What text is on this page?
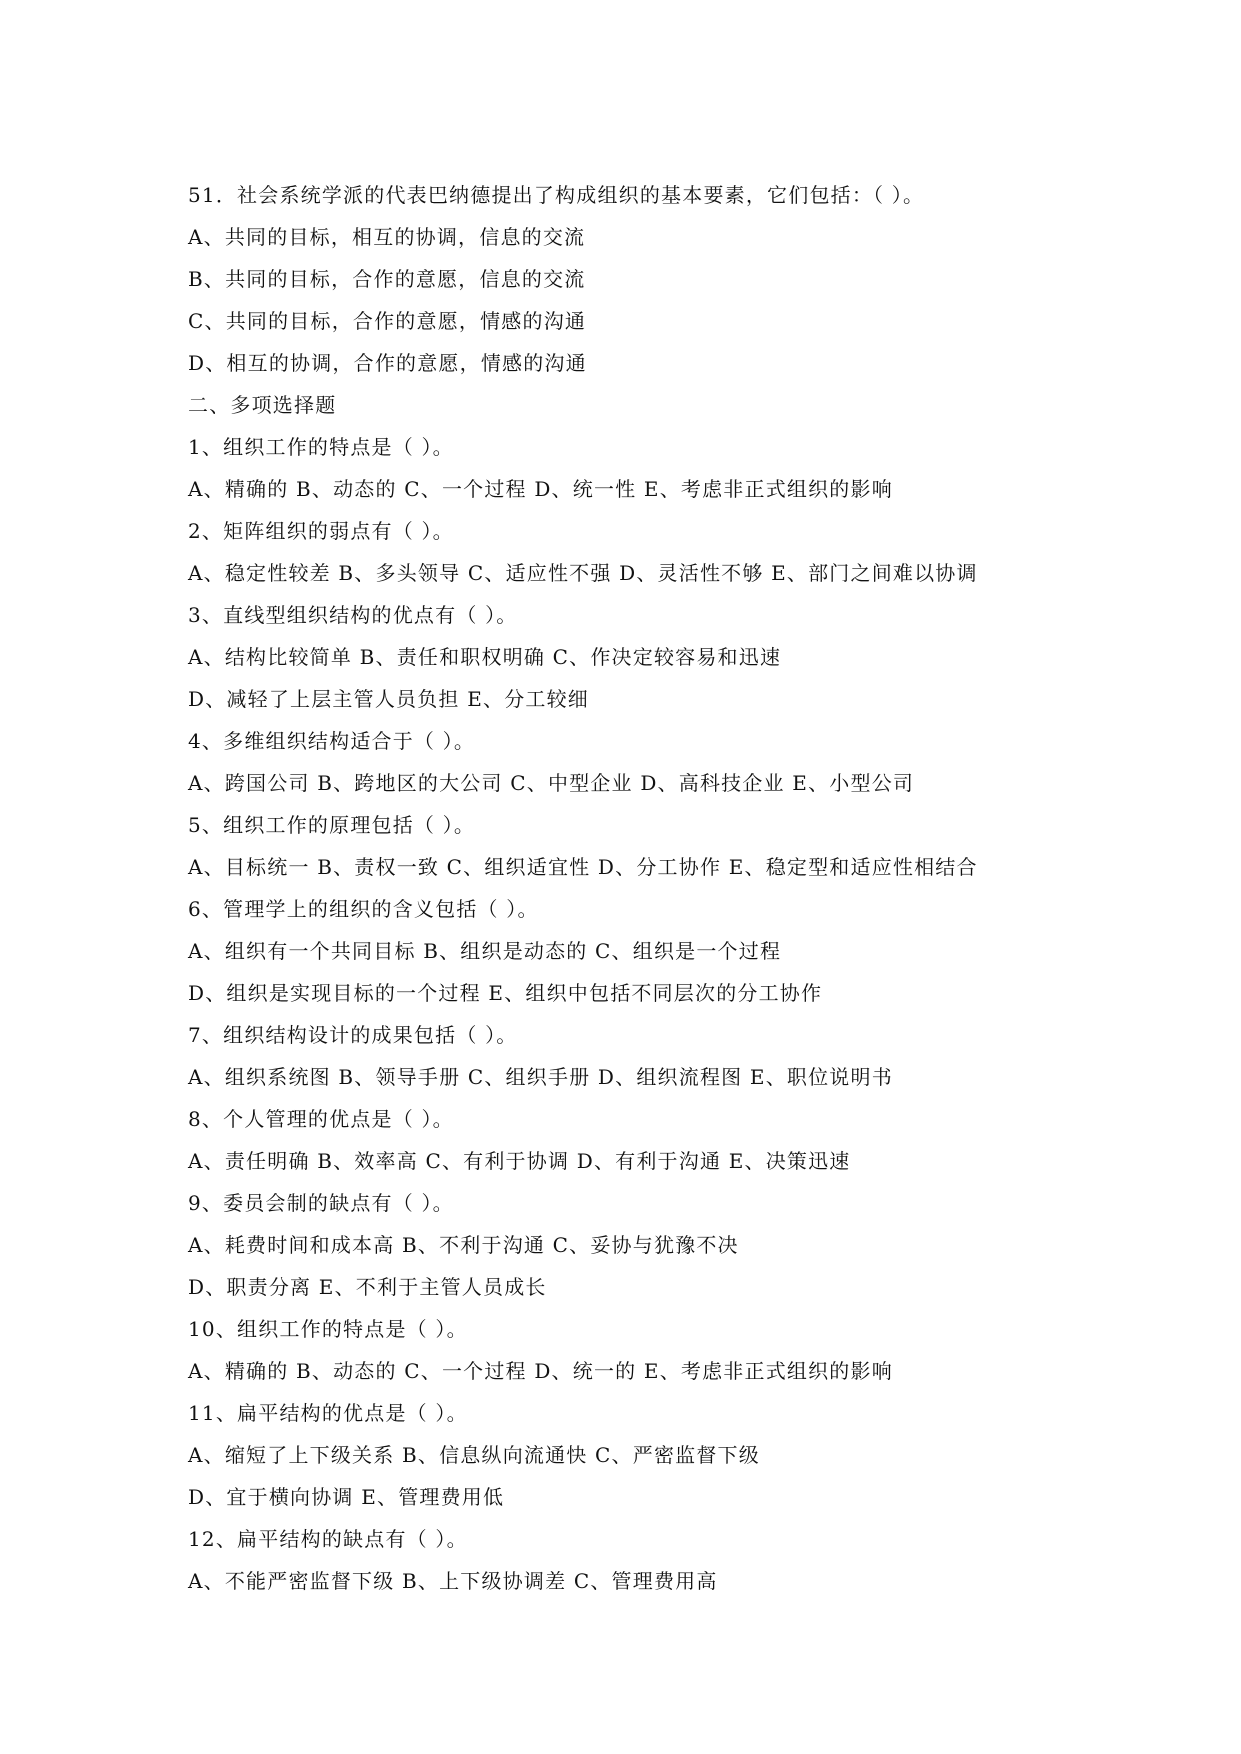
51．社会系统学派的代表巴纳德提出了构成组织的基本要素，它们包括：（ ）。
A、共同的目标，相互的协调，信息的交流
B、共同的目标，合作的意愿，信息的交流
C、共同的目标，合作的意愿，情感的沟通
D、相互的协调，合作的意愿，情感的沟通
二、多项选择题
1、组织工作的特点是（ ）。
A、精确的 B、动态的 C、一个过程 D、统一性 E、考虑非正式组织的影响
2、矩阵组织的弱点有（ ）。
A、稳定性较差 B、多头领导 C、适应性不强 D、灵活性不够 E、部门之间难以协调
3、直线型组织结构的优点有（ ）。
A、结构比较简单 B、责任和职权明确 C、作决定较容易和迅速
D、减轻了上层主管人员负担 E、分工较细
4、多维组织结构适合于（ ）。
A、跨国公司 B、跨地区的大公司 C、中型企业 D、高科技企业 E、小型公司
5、组织工作的原理包括（ ）。
A、目标统一 B、责权一致 C、组织适宜性 D、分工协作 E、稳定型和适应性相结合
6、管理学上的组织的含义包括（ ）。
A、组织有一个共同目标 B、组织是动态的 C、组织是一个过程
D、组织是实现目标的一个过程 E、组织中包括不同层次的分工协作
7、组织结构设计的成果包括（ ）。
A、组织系统图 B、领导手册 C、组织手册 D、组织流程图 E、职位说明书
8、个人管理的优点是（ ）。
A、责任明确 B、效率高 C、有利于协调 D、有利于沟通 E、决策迅速
9、委员会制的缺点有（ ）。
A、耗费时间和成本高 B、不利于沟通 C、妥协与犹豫不决
D、职责分离 E、不利于主管人员成长
10、组织工作的特点是（ ）。
A、精确的 B、动态的 C、一个过程 D、统一的 E、考虑非正式组织的影响
11、扁平结构的优点是（ ）。
A、缩短了上下级关系 B、信息纵向流通快 C、严密监督下级
D、宜于横向协调 E、管理费用低
12、扁平结构的缺点有（ ）。
A、不能严密监督下级 B、上下级协调差 C、管理费用高
